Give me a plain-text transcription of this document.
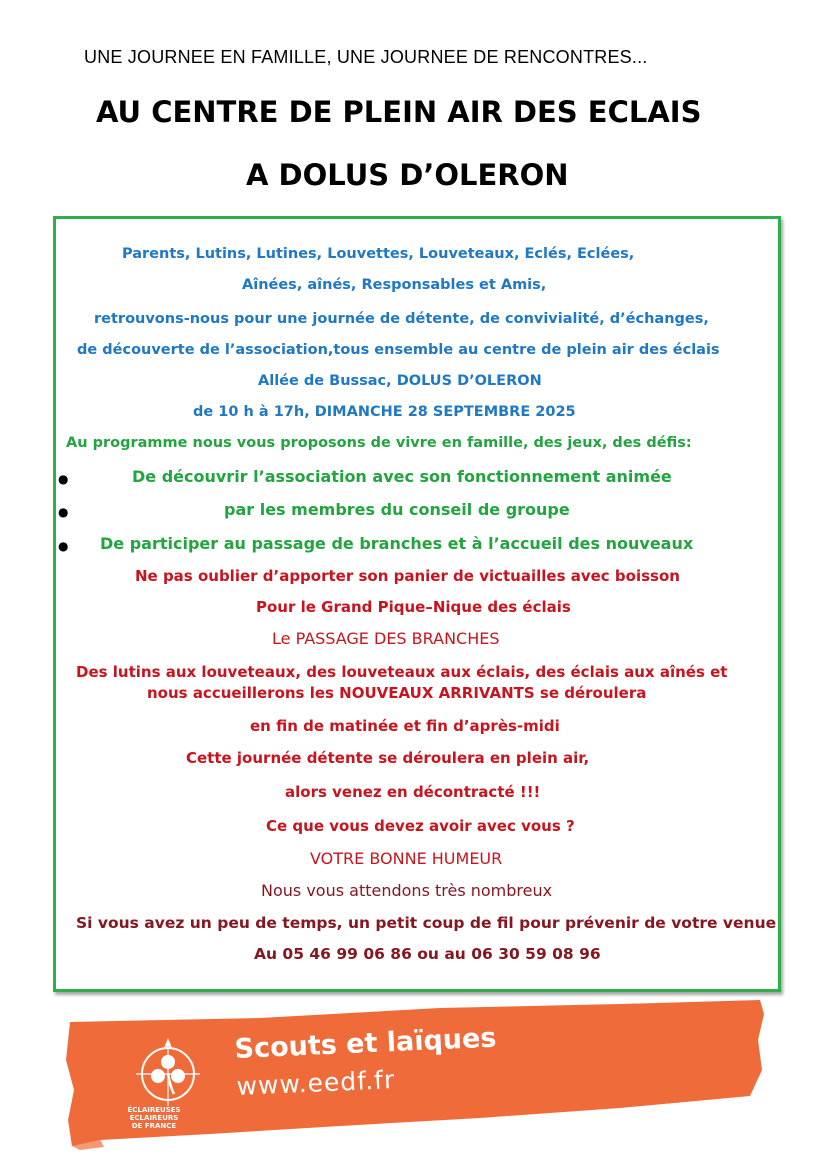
UNE JOURNEE EN FAMILLE, UNE JOURNEE DE RENCONTRES...
AU CENTRE DE PLEIN AIR DES ECLAIS
A DOLUS D’OLERON
Parents, Lutins, Lutines, Louvettes, Louveteaux, Eclés, Eclées,
Aînées, aînés, Responsables et Amis,
retrouvons-nous pour une journée de détente, de convivialité, d’échanges,
de découverte de l’association,tous ensemble au centre de plein air des éclais
Allée de Bussac, DOLUS D’OLERON
de 10 h à 17h, DIMANCHE 28 SEPTEMBRE 2025
Au programme nous vous proposons de vivre en famille, des jeux, des défis:
●	De découvrir l’association avec son fonctionnement animée
●	par les membres du conseil de groupe
● De participer au passage de branches et à l’accueil des nouveaux
Ne pas oublier d’apporter son panier de victuailles avec boisson
Pour le Grand Pique–Nique des éclais
Le PASSAGE DES BRANCHES
Des lutins aux louveteaux, des louveteaux aux éclais, des éclais aux aînés et
nous accueillerons les NOUVEAUX ARRIVANTS se déroulera
en fin de matinée et fin d’après-midi
Cette journée détente se déroulera en plein air,
alors venez en décontracté !!!
Ce que vous devez avoir avec vous ?
VOTRE BONNE HUMEUR
Nous vous attendons très nombreux
Si vous avez un peu de temps, un petit coup de fil pour prévenir de votre venue
Au 05 46 99 06 86 ou au 06 30 59 08 96
ÉCLAIREUSES ÉCLAIREURS
DE FRANCE
Scouts et laïques
www.eedf.fr
